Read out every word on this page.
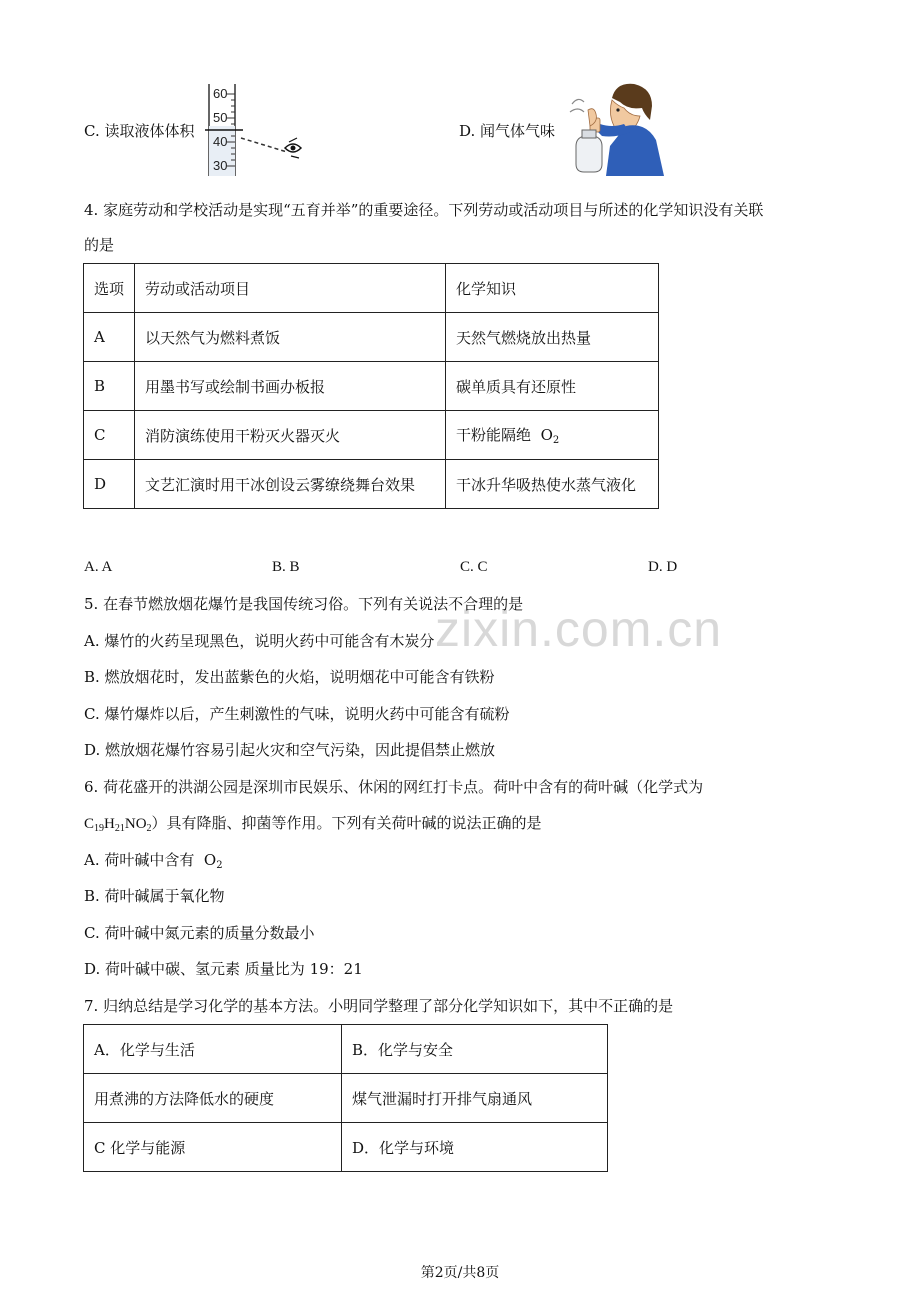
C. 读取液体体积
60
50
40
30
D. 闻气体气味
4. 家庭劳动和学校活动是实现“五育并举”的重要途径。下列劳动或活动项目与所述的化学知识没有关联
的是
选项	劳动或活动项目	化学知识
A	以天然气为燃料煮饭	天然气燃烧放出热量
B	用墨书写或绘制书画办板报	碳单质具有还原性
C	消防演练使用干粉灭火器灭火	干粉能隔绝 $O_2$
D	文艺汇演时用干冰创设云雾缭绕舞台效果	干冰升华吸热使水蒸气液化
A. A	B. B	C. C	D. D
zixin.com.cn
5. 在春节燃放烟花爆竹是我国传统习俗。下列有关说法不合理的是
A. 爆竹的火药呈现黑色，说明火药中可能含有木炭分
B. 燃放烟花时，发出蓝紫色的火焰，说明烟花中可能含有铁粉
C. 爆竹爆炸以后，产生刺激性的气味，说明火药中可能含有硫粉
D. 燃放烟花爆竹容易引起火灾和空气污染，因此提倡禁止燃放
6. 荷花盛开的洪湖公园是深圳市民娱乐、休闲的网红打卡点。荷叶中含有的荷叶碱（化学式为
$C_{19}H_{21}NO_2$）具有降脂、抑菌等作用。下列有关荷叶碱的说法正确的是
A. 荷叶碱中含有 $O_2$
B. 荷叶碱属于氧化物
C. 荷叶碱中氮元素的质量分数最小
D. 荷叶碱中碳、氢元素 质量比为 19：21
7. 归纳总结是学习化学的基本方法。小明同学整理了部分化学知识如下，其中不正确的是
A．化学与生活	B．化学与安全
用煮沸的方法降低水的硬度	煤气泄漏时打开排气扇通风
C 化学与能源	D．化学与环境
第2页/共8页
